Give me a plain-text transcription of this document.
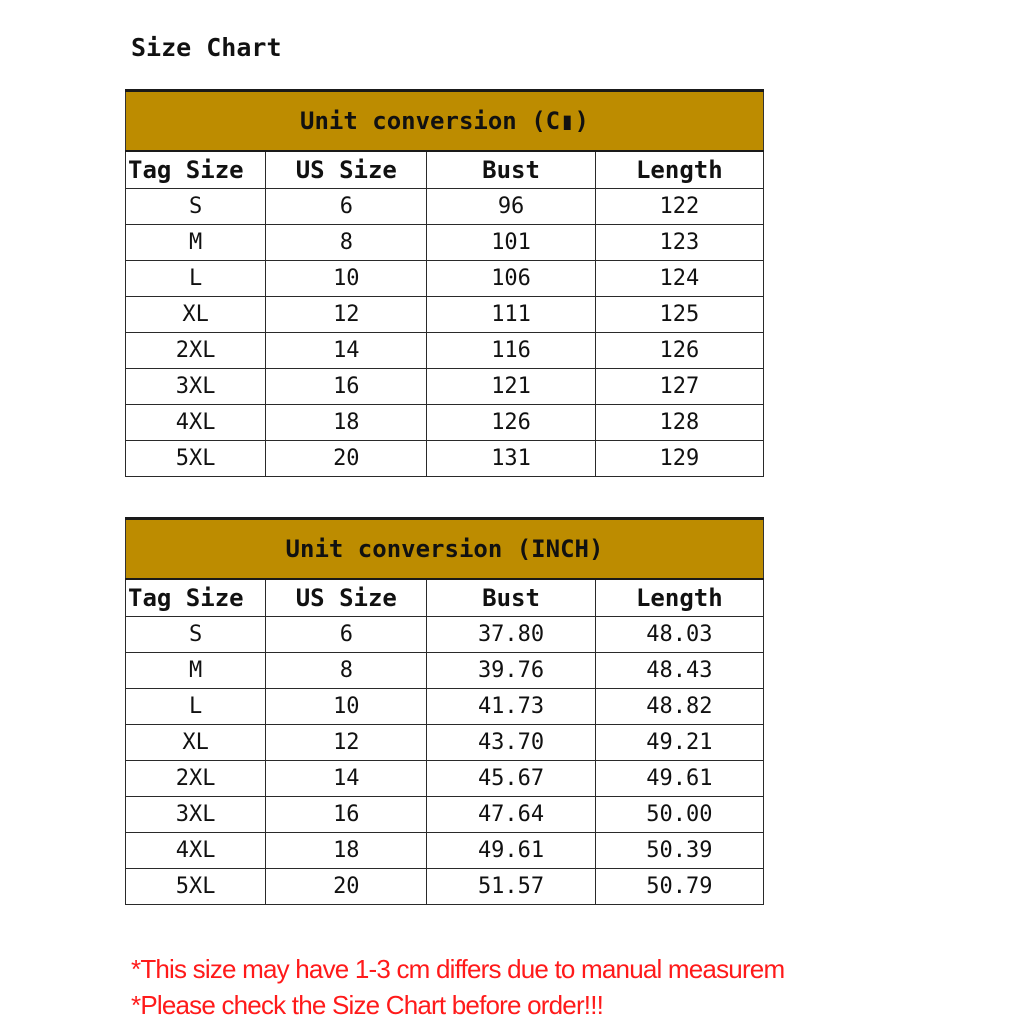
Size Chart
Unit conversion (C▮)			
Tag Size	US Size	Bust	Length
S	6	96	122
M	8	101	123
L	10	106	124
XL	12	111	125
2XL	14	116	126
3XL	16	121	127
4XL	18	126	128
5XL	20	131	129
Unit conversion (INCH)			
Tag Size	US Size	Bust	Length
S	6	37.80	48.03
M	8	39.76	48.43
L	10	41.73	48.82
XL	12	43.70	49.21
2XL	14	45.67	49.61
3XL	16	47.64	50.00
4XL	18	49.61	50.39
5XL	20	51.57	50.79
*This size may have 1-3 cm differs due to manual measurem
*Please check the Size Chart before order!!!
